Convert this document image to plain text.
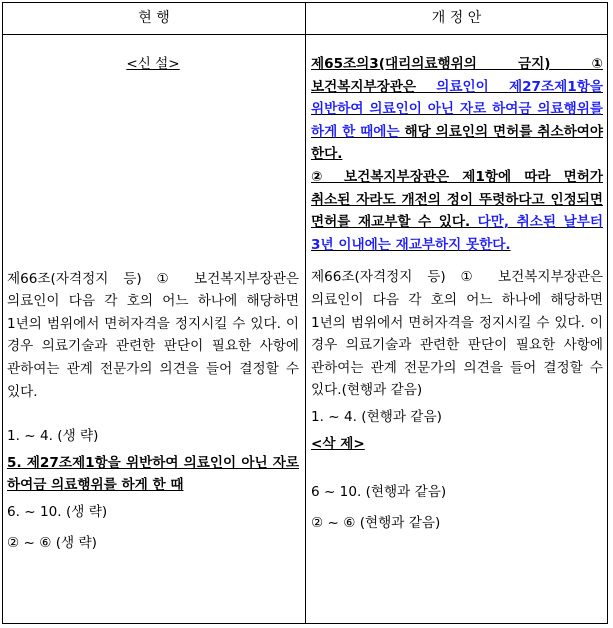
현 행	개 정 안

<신 설>

제66조(자격정지 등) ① 보건복지부장관은 의료인이 다음 각 호의 어느 하나에 해당하면 1년의 범위에서 면허자격을 정지시킬 수 있다. 이 경우 의료기술과 관련한 판단이 필요한 사항에 관하여는 관계 전문가의 의견을 들어 결정할 수 있다.

1. ~ 4. (생 략)

5. 제27조제1항을 위반하여 의료인이 아닌 자로 하여금 의료행위를 하게 한 때

6. ~ 10. (생 략)

② ~ ⑥ (생 략)

제65조의3(대리의료행위의 금지) ① 보건복지부장관은 의료인이 제27조제1항을 위반하여 의료인이 아닌 자로 하여금 의료행위를 하게 한 때에는 해당 의료인의 면허를 취소하여야 한다.

② 보건복지부장관은 제1항에 따라 면허가 취소된 자라도 개전의 정이 뚜렷하다고 인정되면 면허를 재교부할 수 있다. 다만, 취소된 날부터 3년 이내에는 재교부하지 못한다.

제66조(자격정지 등) ① 보건복지부장관은 의료인이 다음 각 호의 어느 하나에 해당하면 1년의 범위에서 면허자격을 정지시킬 수 있다. 이 경우 의료기술과 관련한 판단이 필요한 사항에 관하여는 관계 전문가의 의견을 들어 결정할 수 있다.(현행과 같음)

1. ~ 4. (현행과 같음)

<삭 제>

6 ~ 10. (현행과 같음)

② ~ ⑥ (현행과 같음)
